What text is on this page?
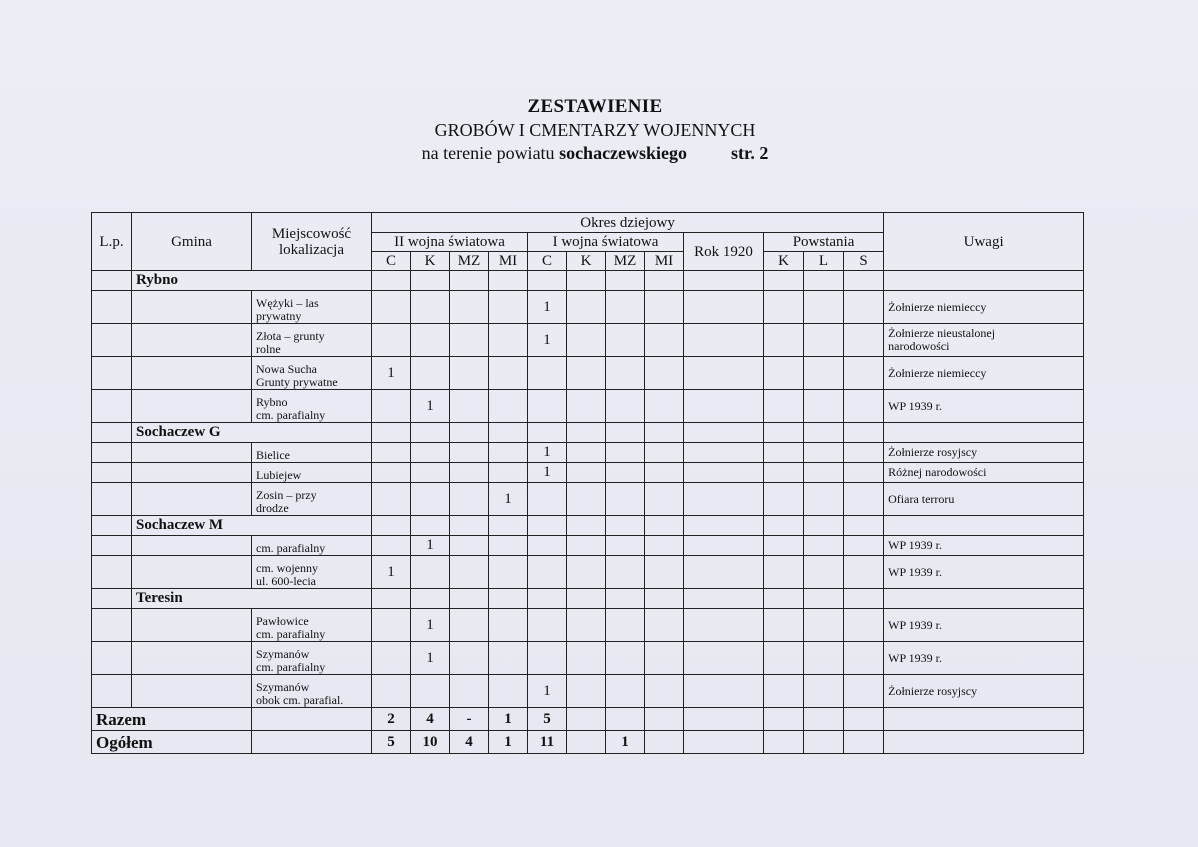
ZESTAWIENIE
GROBÓW I CMENTARZY WOJENNYCH
na terenie powiatu sochaczewskiego str. 2
L.p.	Gmina	Miejscowość
lokalizacja	Okres dziejowy												Uwagi
			II wojna światowa				I wojna światowa				Rok 1920	Powstania			
			C	K	MZ	MI	C	K	MZ	MI		K	L	S	
	Rybno														
		Wężyki – las
prywatny					1								Żołnierze niemieccy
		Złota – grunty
rolne					1								Żołnierze nieustalonej
narodowości
		Nowa Sucha
Grunty prywatne	1												Żołnierze niemieccy
		Rybno
cm. parafialny		1											WP 1939 r.
	Sochaczew G														
		Bielice					1								Żołnierze rosyjscy
		Lubiejew					1								Różnej narodowości
		Zosin – przy
drodze				1									Ofiara terroru
	Sochaczew M														
		cm. parafialny		1											WP 1939 r.
		cm. wojenny
ul. 600-lecia	1												WP 1939 r.
	Teresin														
		Pawłowice
cm. parafialny		1											WP 1939 r.
		Szymanów
cm. parafialny		1											WP 1939 r.
		Szymanów
obok cm. parafial.					1								Żołnierze rosyjscy
Razem			2	4	-	1	5								
Ogółem			5	10	4	1	11		1						
